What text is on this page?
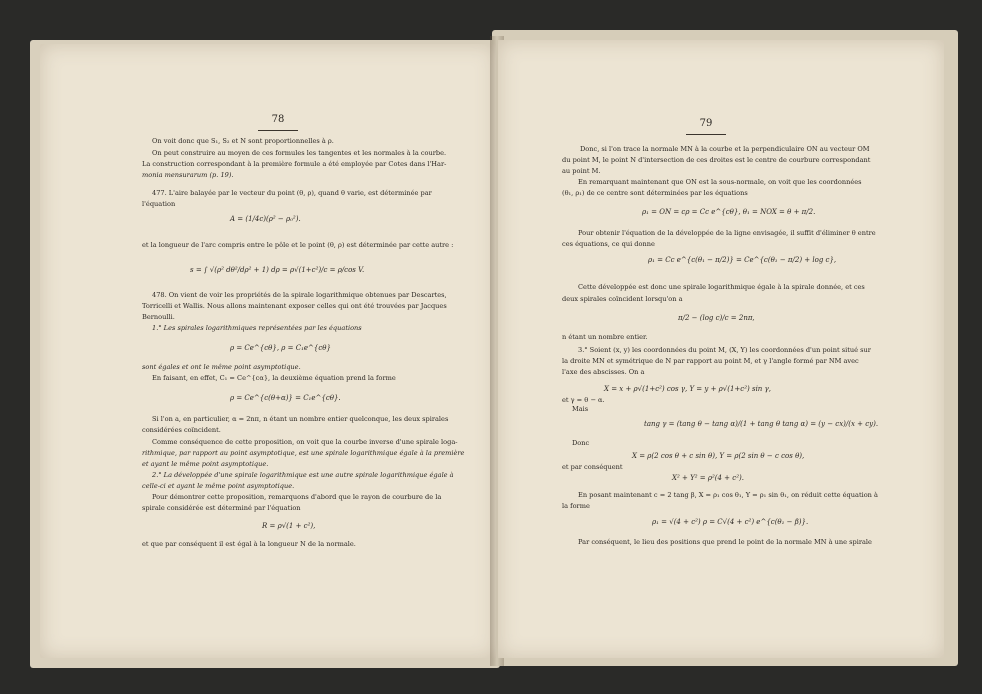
78
On voit donc que S₁, S₂ et N sont proportionnelles à ρ.
On peut construire au moyen de ces formules les tangentes et les normales à la courbe.
La construction correspondant à la première formule a été employée par Cotes dans l'Har-
monia mensurarum (p. 19).
477. L'aire balayée par le vecteur du point (θ, ρ), quand θ varie, est déterminée par
l'équation
A = (1/4c)(ρ² − ρ₀²).
et la longueur de l'arc compris entre le pôle et le point (θ, ρ) est déterminée par cette autre :
s = ∫ √(ρ² dθ²/dρ² + 1) dρ = ρ√(1+c²)/c = ρ/cos V.
478. On vient de voir les propriétés de la spirale logarithmique obtenues par Descartes,
Torricelli et Wallis. Nous allons maintenant exposer celles qui ont été trouvées par Jacques
Bernoulli.
1.° Les spirales logarithmiques représentées par les équations
ρ = Ce^{cθ}, ρ = C₁e^{cθ}
sont égales et ont le même point asymptotique.
En faisant, en effet, C₁ = Ce^{cα}, la deuxième équation prend la forme
ρ = Ce^{c(θ+α)} = C₁e^{cθ}.
Si l'on a, en particulier, α = 2nπ, n étant un nombre entier quelconque, les deux spirales
considérées coïncident.
Comme conséquence de cette proposition, on voit que la courbe inverse d'une spirale loga-
rithmique, par rapport au point asymptotique, est une spirale logarithmique égale à la première
et ayant le même point asymptotique.
2.° La développée d'une spirale logarithmique est une autre spirale logarithmique égale à
celle-ci et ayant le même point asymptotique.
Pour démontrer cette proposition, remarquons d'abord que le rayon de courbure de la
spirale considérée est déterminé par l'équation
R = ρ√(1 + c²),
et que par conséquent il est égal à la longueur N de la normale.
79
Donc, si l'on trace la normale MN à la courbe et la perpendiculaire ON au vecteur OM
du point M, le point N d'intersection de ces droites est le centre de courbure correspondant
au point M.
En remarquant maintenant que ON est la sous-normale, on voit que les coordonnées
(θ₁, ρ₁) de ce centre sont déterminées par les équations
ρ₁ = ON = cρ = Cc e^{cθ}, θ₁ = NOX = θ + π/2.
Pour obtenir l'équation de la développée de la ligne envisagée, il suffit d'éliminer θ entre
ces équations, ce qui donne
ρ₁ = Cc e^{c(θ₁ − π/2)} = Ce^{c(θ₁ − π/2) + log c},
Cette développée est donc une spirale logarithmique égale à la spirale donnée, et ces
deux spirales coïncident lorsqu'on a
π/2 − (log c)/c = 2nπ,
n étant un nombre entier.
3.° Soient (x, y) les coordonnées du point M, (X, Y) les coordonnées d'un point situé sur
la droite MN et symétrique de N par rapport au point M, et γ l'angle formé par NM avec
l'axe des abscisses. On a
X = x + ρ√(1+c²) cos γ, Y = y + ρ√(1+c²) sin γ,
et γ = θ − α.
Mais
tang γ = (tang θ − tang α)/(1 + tang θ tang α) = (y − cx)/(x + cy).
Donc
X = ρ(2 cos θ + c sin θ), Y = ρ(2 sin θ − c cos θ),
et par conséquent
X² + Y² = ρ²(4 + c²).
En posant maintenant c = 2 tang β, X = ρ₁ cos θ₁, Y = ρ₁ sin θ₁, on réduit cette équation à
la forme
ρ₁ = √(4 + c²) ρ = C√(4 + c²) e^{c(θ₁ − β)}.
Par conséquent, le lieu des positions que prend le point de la normale MN à une spirale
